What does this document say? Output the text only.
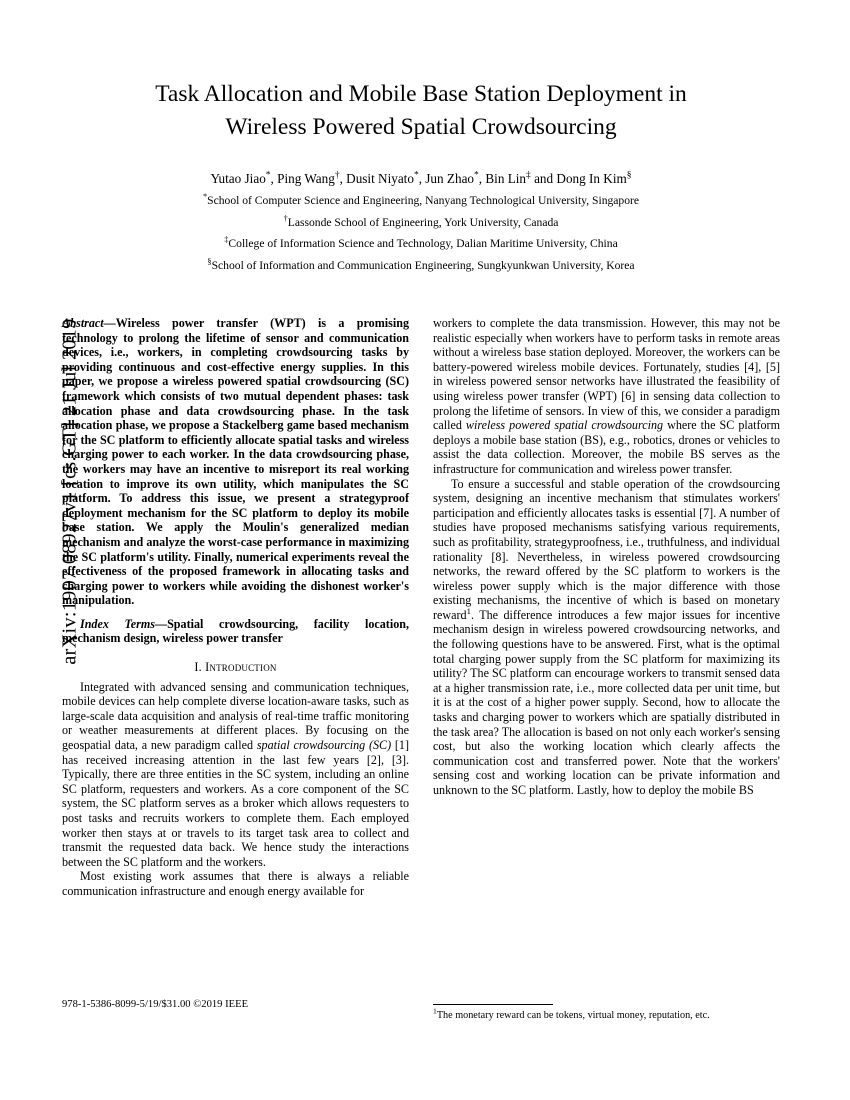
arXiv:1907.08927v1 [cs.GT] 21 Jul 2019
Task Allocation and Mobile Base Station Deployment in Wireless Powered Spatial Crowdsourcing
Yutao Jiao*, Ping Wang†, Dusit Niyato*, Jun Zhao*, Bin Lin‡ and Dong In Kim§
*School of Computer Science and Engineering, Nanyang Technological University, Singapore
†Lassonde School of Engineering, York University, Canada
‡College of Information Science and Technology, Dalian Maritime University, China
§School of Information and Communication Engineering, Sungkyunkwan University, Korea

Abstract—Wireless power transfer (WPT) is a promising technology to prolong the lifetime of sensor and communication devices, i.e., workers, in completing crowdsourcing tasks by providing continuous and cost-effective energy supplies. In this paper, we propose a wireless powered spatial crowdsourcing (SC) framework which consists of two mutual dependent phases: task allocation phase and data crowdsourcing phase. In the task allocation phase, we propose a Stackelberg game based mechanism for the SC platform to efficiently allocate spatial tasks and wireless charging power to each worker. In the data crowdsourcing phase, the workers may have an incentive to misreport its real working location to improve its own utility, which manipulates the SC platform. To address this issue, we present a strategyproof deployment mechanism for the SC platform to deploy its mobile base station. We apply the Moulin's generalized median mechanism and analyze the worst-case performance in maximizing the SC platform's utility. Finally, numerical experiments reveal the effectiveness of the proposed framework in allocating tasks and charging power to workers while avoiding the dishonest worker's manipulation.

Index Terms—Spatial crowdsourcing, facility location, mechanism design, wireless power transfer

I. Introduction

Integrated with advanced sensing and communication techniques, mobile devices can help complete diverse location-aware tasks, such as large-scale data acquisition and analysis of real-time traffic monitoring or weather measurements at different places. By focusing on the geospatial data, a new paradigm called spatial crowdsourcing (SC) [1] has received increasing attention in the last few years [2], [3]. Typically, there are three entities in the SC system, including an online SC platform, requesters and workers. As a core component of the SC system, the SC platform serves as a broker which allows requesters to post tasks and recruits workers to complete them. Each employed worker then stays at or travels to its target task area to collect and transmit the requested data back. We hence study the interactions between the SC platform and the workers.

Most existing work assumes that there is always a reliable communication infrastructure and enough energy available for

workers to complete the data transmission. However, this may not be realistic especially when workers have to perform tasks in remote areas without a wireless base station deployed. Moreover, the workers can be battery-powered wireless mobile devices. Fortunately, studies [4], [5] in wireless powered sensor networks have illustrated the feasibility of using wireless power transfer (WPT) [6] in sensing data collection to prolong the lifetime of sensors. In view of this, we consider a paradigm called wireless powered spatial crowdsourcing where the SC platform deploys a mobile base station (BS), e.g., robotics, drones or vehicles to assist the data collection. Moreover, the mobile BS serves as the infrastructure for communication and wireless power transfer.

To ensure a successful and stable operation of the crowdsourcing system, designing an incentive mechanism that stimulates workers' participation and efficiently allocates tasks is essential [7]. A number of studies have proposed mechanisms satisfying various requirements, such as profitability, strategyproofness, i.e., truthfulness, and individual rationality [8]. Nevertheless, in wireless powered crowdsourcing networks, the reward offered by the SC platform to workers is the wireless power supply which is the major difference with those existing mechanisms, the incentive of which is based on monetary reward$^1$. The difference introduces a few major issues for incentive mechanism design in wireless powered crowdsourcing networks, and the following questions have to be answered. First, what is the optimal total charging power supply from the SC platform for maximizing its utility? The SC platform can encourage workers to transmit sensed data at a higher transmission rate, i.e., more collected data per unit time, but it is at the cost of a higher power supply. Second, how to allocate the tasks and charging power to workers which are spatially distributed in the task area? The allocation is based on not only each worker's sensing cost, but also the working location which clearly affects the communication cost and transferred power. Note that the workers' sensing cost and working location can be private information and unknown to the SC platform. Lastly, how to deploy the mobile BS

978-1-5386-8099-5/19/$31.00 ©2019 IEEE
$^1$The monetary reward can be tokens, virtual money, reputation, etc.
